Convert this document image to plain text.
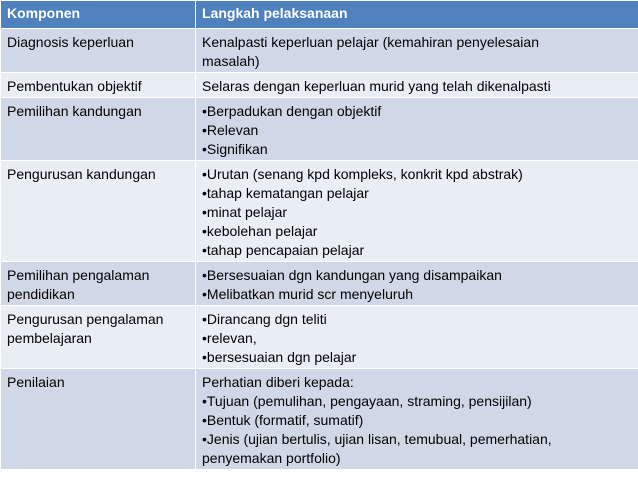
Komponen	Langkah pelaksanaan

Diagnosis keperluan	Kenalpasti keperluan pelajar (kemahiran penyelesaian
masalah)

Pembentukan objektif	Selaras dengan keperluan murid yang telah dikenalpasti

Pemilihan kandungan	•Berpadukan dengan objektif
•Relevan
•Signifikan

Pengurusan kandungan	•Urutan (senang kpd kompleks, konkrit kpd abstrak)
•tahap kematangan pelajar
•minat pelajar
•kebolehan pelajar
•tahap pencapaian pelajar

Pemilihan pengalaman
pendidikan	•Bersesuaian dgn kandungan yang disampaikan
•Melibatkan murid scr menyeluruh

Pengurusan pengalaman
pembelajaran	•Dirancang dgn teliti
•relevan,
•bersesuaian dgn pelajar

Penilaian	Perhatian diberi kepada:
•Tujuan (pemulihan, pengayaan, straming, pensijilan)
•Bentuk (formatif, sumatif)
•Jenis (ujian bertulis, ujian lisan, temubual, pemerhatian,
penyemakan portfolio)
